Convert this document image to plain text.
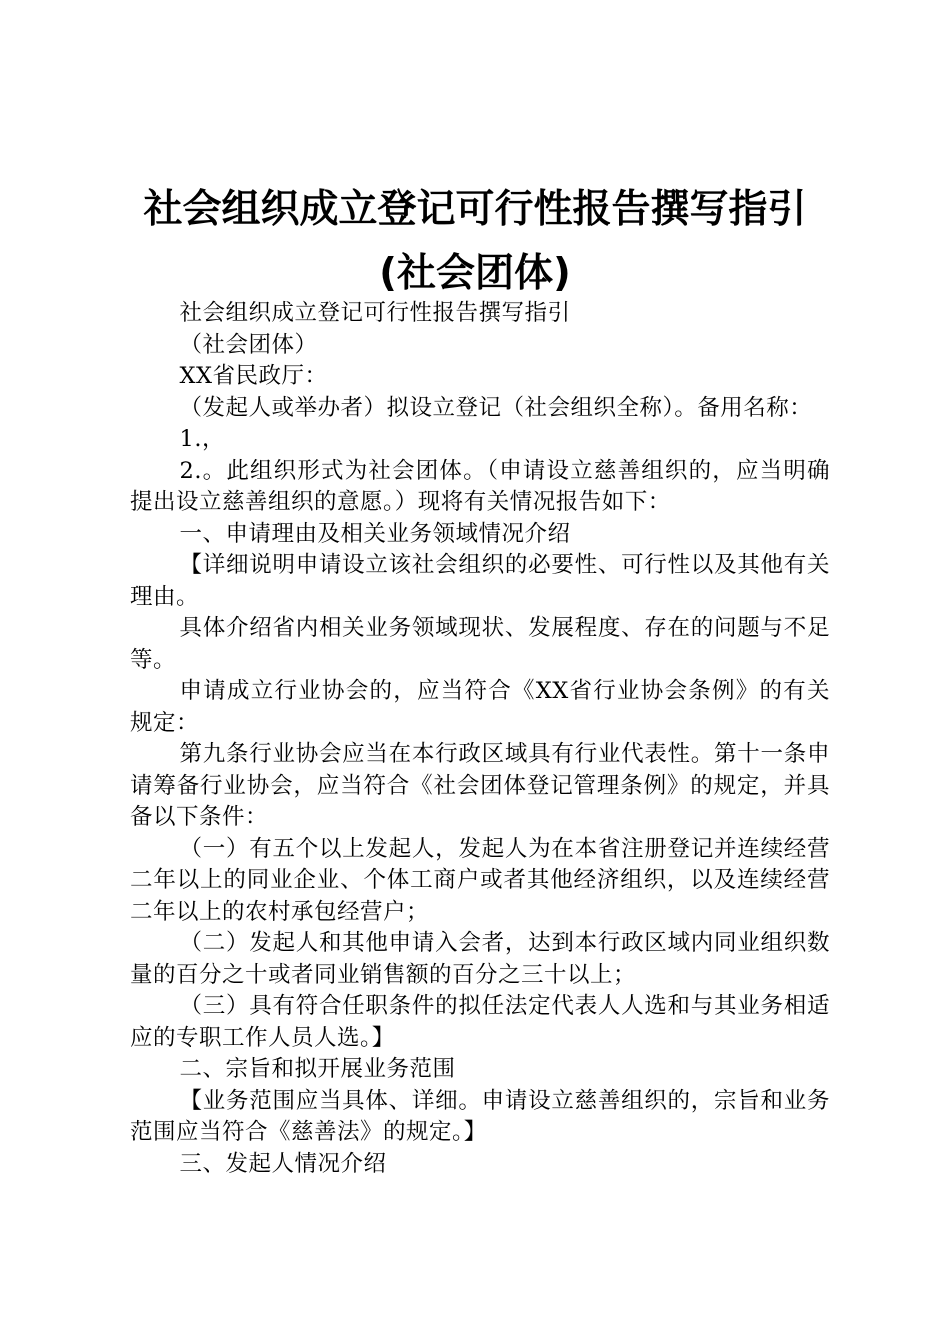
社会组织成立登记可行性报告撰写指引(社会团体)

社会组织成立登记可行性报告撰写指引

（社会团体）

XX省民政厅：

（发起人或举办者）拟设立登记（社会组织全称）。备用名称：

1.，

2.。此组织形式为社会团体。（申请设立慈善组织的，应当明确提出设立慈善组织的意愿。）现将有关情况报告如下：

一、申请理由及相关业务领域情况介绍

【详细说明申请设立该社会组织的必要性、可行性以及其他有关理由。

具体介绍省内相关业务领域现状、发展程度、存在的问题与不足等。

申请成立行业协会的，应当符合《XX省行业协会条例》的有关规定：

第九条行业协会应当在本行政区域具有行业代表性。第十一条申请筹备行业协会，应当符合《社会团体登记管理条例》的规定，并具备以下条件：

（一）有五个以上发起人，发起人为在本省注册登记并连续经营二年以上的同业企业、个体工商户或者其他经济组织，以及连续经营二年以上的农村承包经营户；

（二）发起人和其他申请入会者，达到本行政区域内同业组织数量的百分之十或者同业销售额的百分之三十以上；

（三）具有符合任职条件的拟任法定代表人人选和与其业务相适应的专职工作人员人选。】

二、宗旨和拟开展业务范围

【业务范围应当具体、详细。申请设立慈善组织的，宗旨和业务范围应当符合《慈善法》的规定。】

三、发起人情况介绍
